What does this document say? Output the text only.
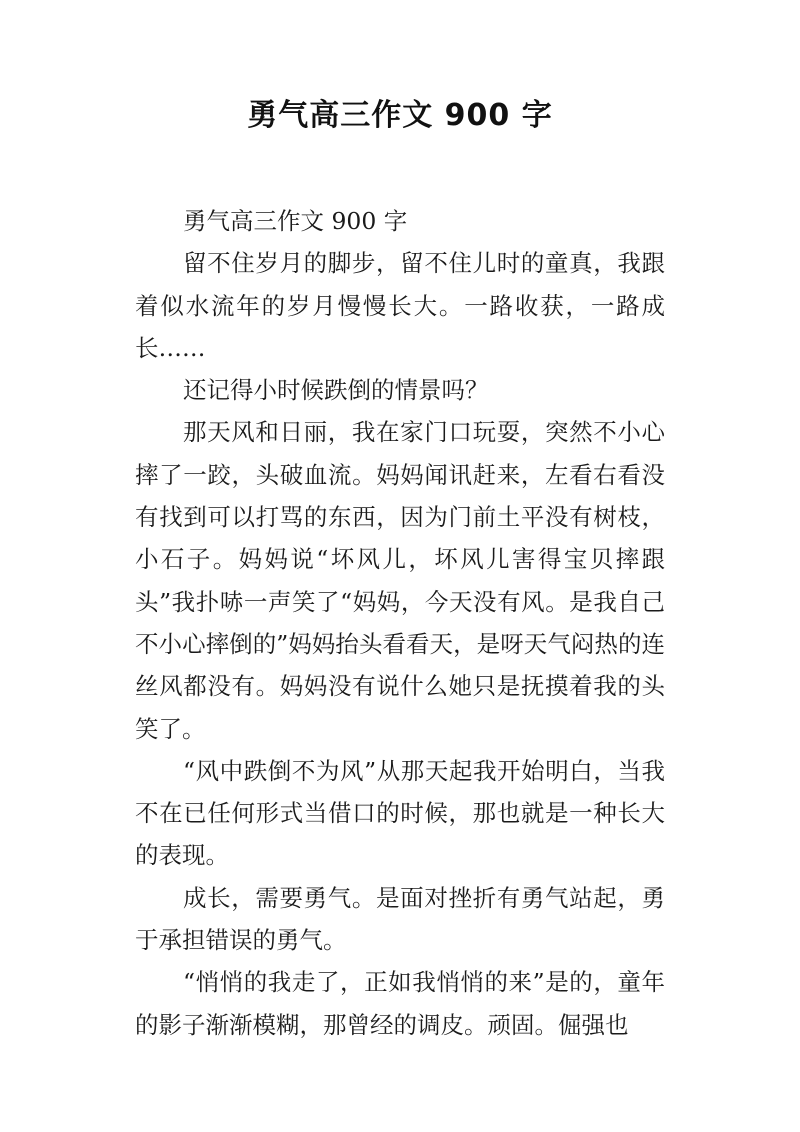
勇气高三作文 900 字

勇气高三作文 900 字

留不住岁月的脚步，留不住儿时的童真，我跟着似水流年的岁月慢慢长大。一路收获，一路成长……

还记得小时候跌倒的情景吗？

那天风和日丽，我在家门口玩耍，突然不小心摔了一跤，头破血流。妈妈闻讯赶来，左看右看没有找到可以打骂的东西，因为门前土平没有树枝，小石子。妈妈说“坏风儿，坏风儿害得宝贝摔跟头”我扑哧一声笑了“妈妈，今天没有风。是我自己不小心摔倒的”妈妈抬头看看天，是呀天气闷热的连丝风都没有。妈妈没有说什么她只是抚摸着我的头笑了。

“风中跌倒不为风”从那天起我开始明白，当我不在已任何形式当借口的时候，那也就是一种长大的表现。

成长，需要勇气。是面对挫折有勇气站起，勇于承担错误的勇气。

“悄悄的我走了，正如我悄悄的来”是的，童年的影子渐渐模糊，那曾经的调皮。顽固。倔强也
